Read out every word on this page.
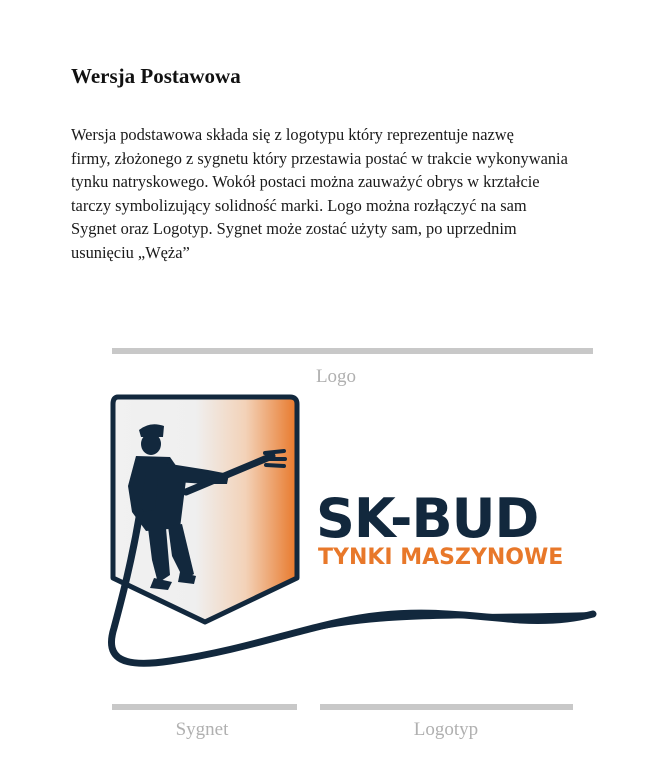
Wersja Postawowa
Wersja podstawowa składa się z logotypu który reprezentuje nazwę
firmy, złożonego z sygnetu który przestawia postać w trakcie wykonywania
tynku natryskowego. Wokół postaci można zauważyć obrys w krztałcie
tarczy symbolizujący solidność marki. Logo można rozłączyć na sam
Sygnet oraz Logotyp. Sygnet może zostać użyty sam, po uprzednim
usunięciu „Węża”
Logo
SK-BUD
TYNKI MASZYNOWE
Sygnet	Logotyp
